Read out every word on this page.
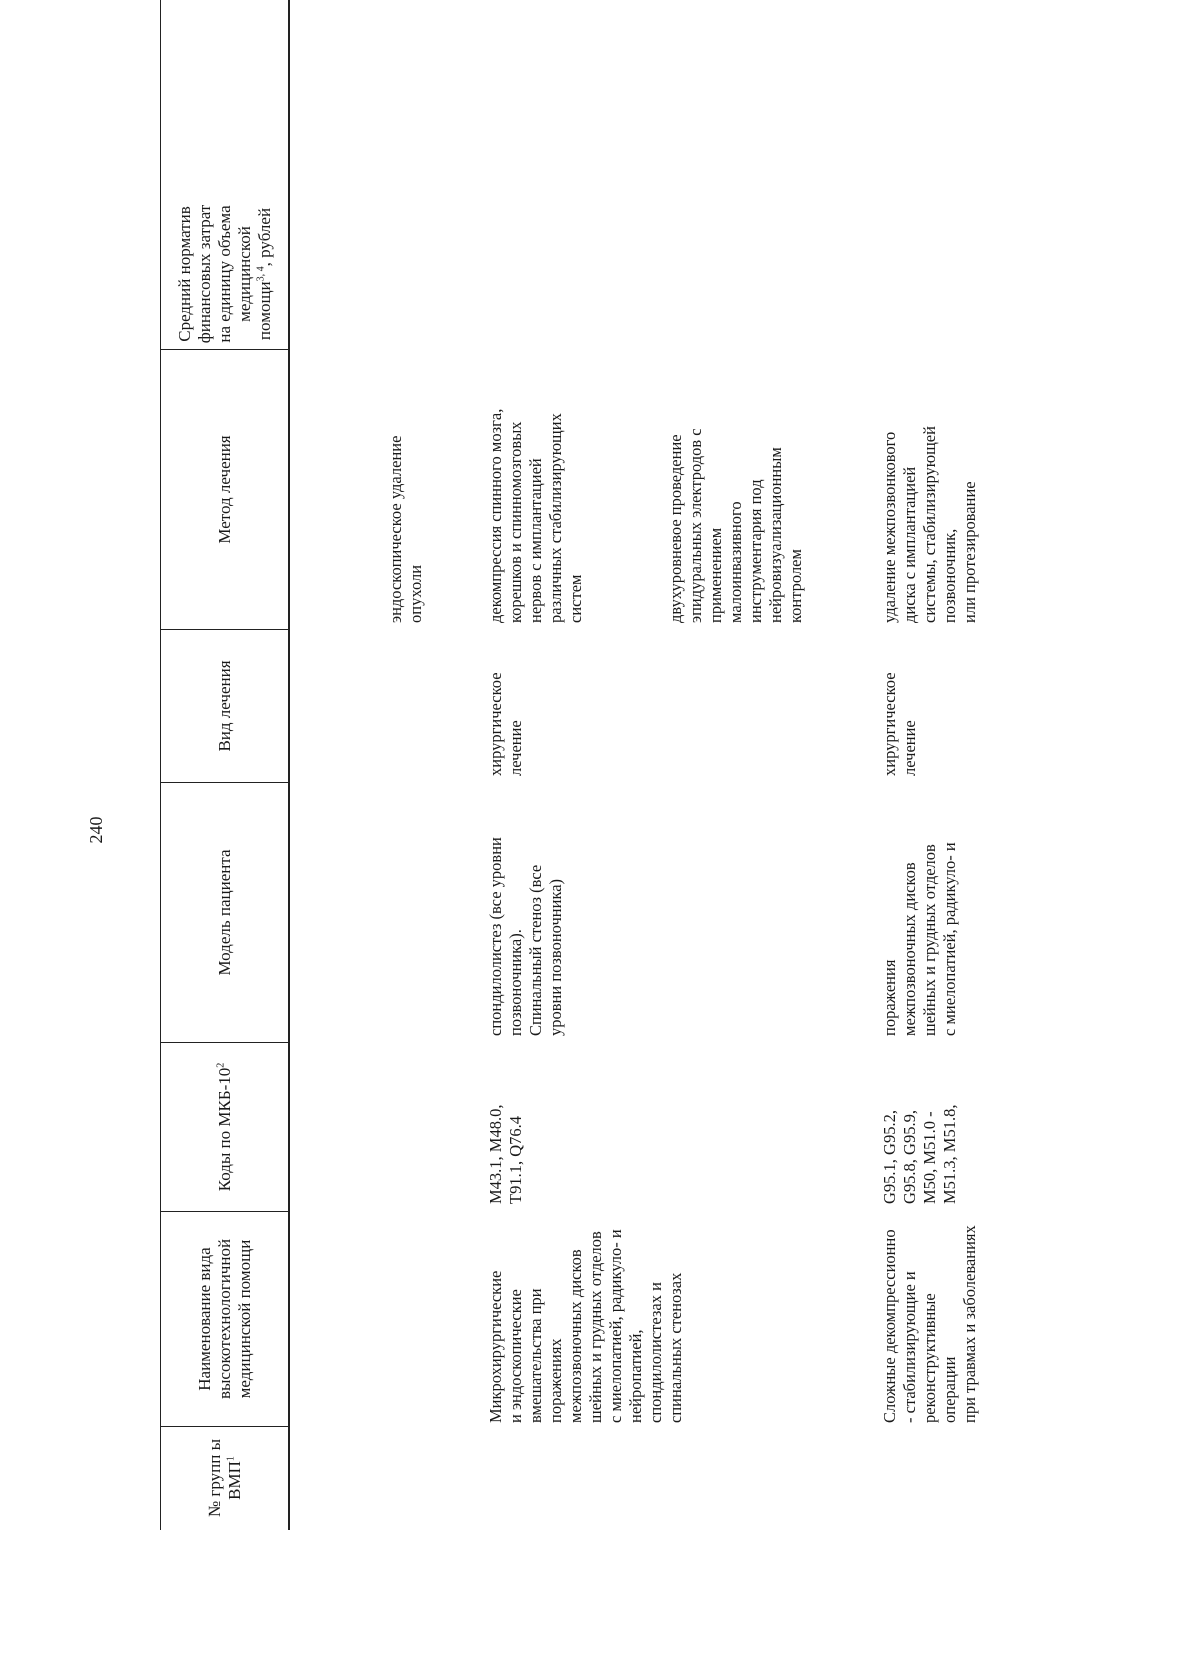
240
№ групп ы ВМП$^1$
Наименование вида высокотехнологичной медицинской помощи
Коды по МКБ-$10^2$
Модель пациента
Вид лечения
Метод лечения
Средний норматив финансовых затрат на единицу объема медицинской помощи$^{3, 4}$, рублей
эндоскопическое удаление
опухоли
Микрохирургические
и эндоскопические
вмешательства при
поражениях
межпозвоночных дисков
шейных и грудных отделов
с миелопатией, радикуло- и
нейропатией,
спондилолистезах и
спинальных стенозах
M43.1, M48.0,
T91.1, Q76.4
спондилолистез (все уровни
позвоночника).
Спинальный стеноз (все
уровни позвоночника)
хирургическое
лечение
декомпрессия спинного мозга,
корешков и спинномозговых
нервов с имплантацией
различных стабилизирующих
систем	двухуровневое проведение
эпидуральных электродов с
применением
малоинвазивного
инструментария под
нейровизуализационным
контролем
Сложные декомпрессионно
- стабилизирующие и
реконструктивные
операции
при травмах и заболеваниях
G95.1, G95.2,
G95.8, G95.9,
M50, M51.0 -
M51.3, M51.8,
поражения
межпозвоночных дисков
шейных и грудных отделов
с миелопатией, радикуло- и
хирургическое
лечение
удаление межпозвонкового
диска с имплантацией
системы, стабилизирующей
позвоночник,
или протезирование
